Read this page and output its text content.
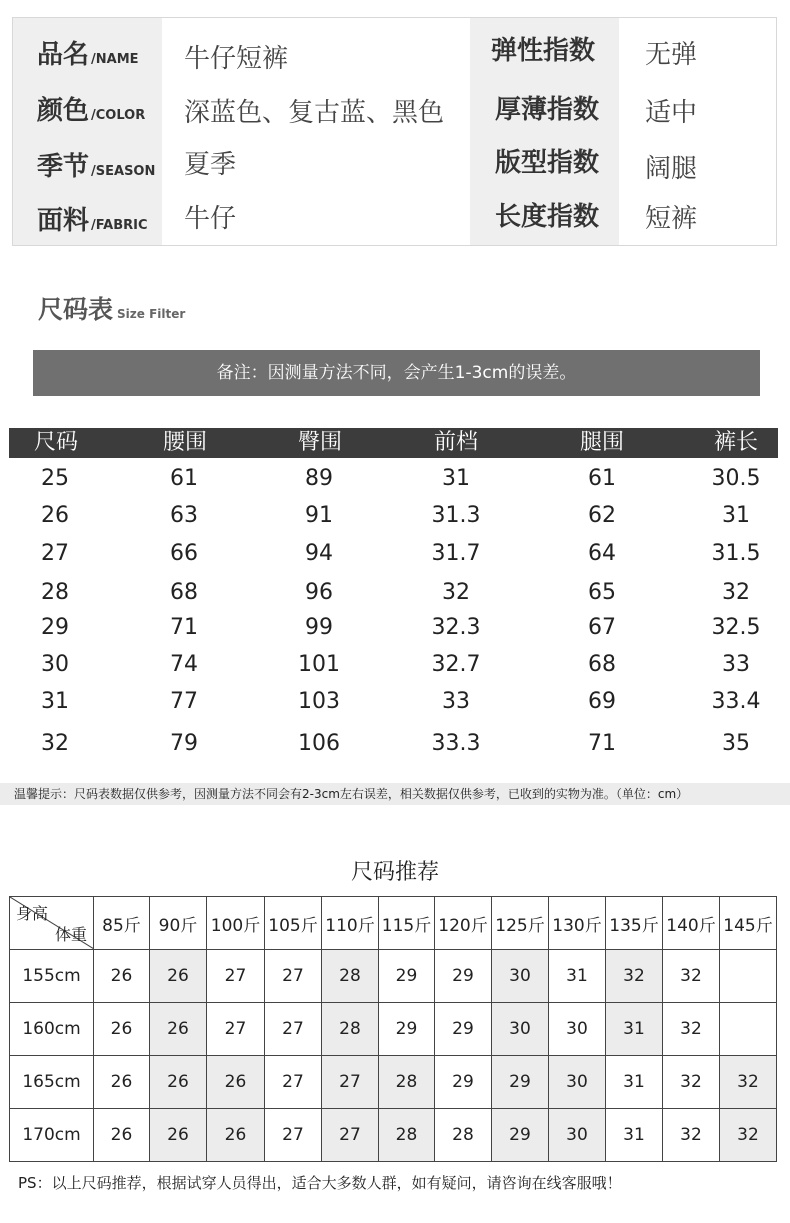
品名 /NAME 牛仔短裤
颜色 /COLOR 深蓝色、复古蓝、黑色
季节 /SEASON 夏季
面料 /FABRIC 牛仔
弹性指数 无弹
厚薄指数 适中
版型指数 阔腿
长度指数 短裤
尺码表 Size Filter
备注：因测量方法不同，会产生1-3cm的误差。
尺码	腰围	臀围	前档	腿围	裤长
25	61	89	31	61	30.5
26	63	91	31.3	62	31
27	66	94	31.7	64	31.5
28	68	96	32	65	32
29	71	99	32.3	67	32.5
30	74	101	32.7	68	33
31	77	103	33	69	33.4
32	79	106	33.3	71	35
温馨提示：尺码表数据仅供参考，因测量方法不同会有2-3cm左右误差，相关数据仅供参考，已收到的实物为准。（单位：cm）
尺码推荐
身高
体重	85斤	90斤	100斤	105斤	110斤	115斤	120斤	125斤	130斤	135斤	140斤	145斤
155cm	26	26	27	27	28	29	29	30	31	32	32	
160cm	26	26	27	27	28	29	29	30	30	31	32	
165cm	26	26	26	27	27	28	29	29	30	31	32	32
170cm	26	26	26	27	27	28	28	29	30	31	32	32
PS：以上尺码推荐，根据试穿人员得出，适合大多数人群，如有疑问，请咨询在线客服哦！
